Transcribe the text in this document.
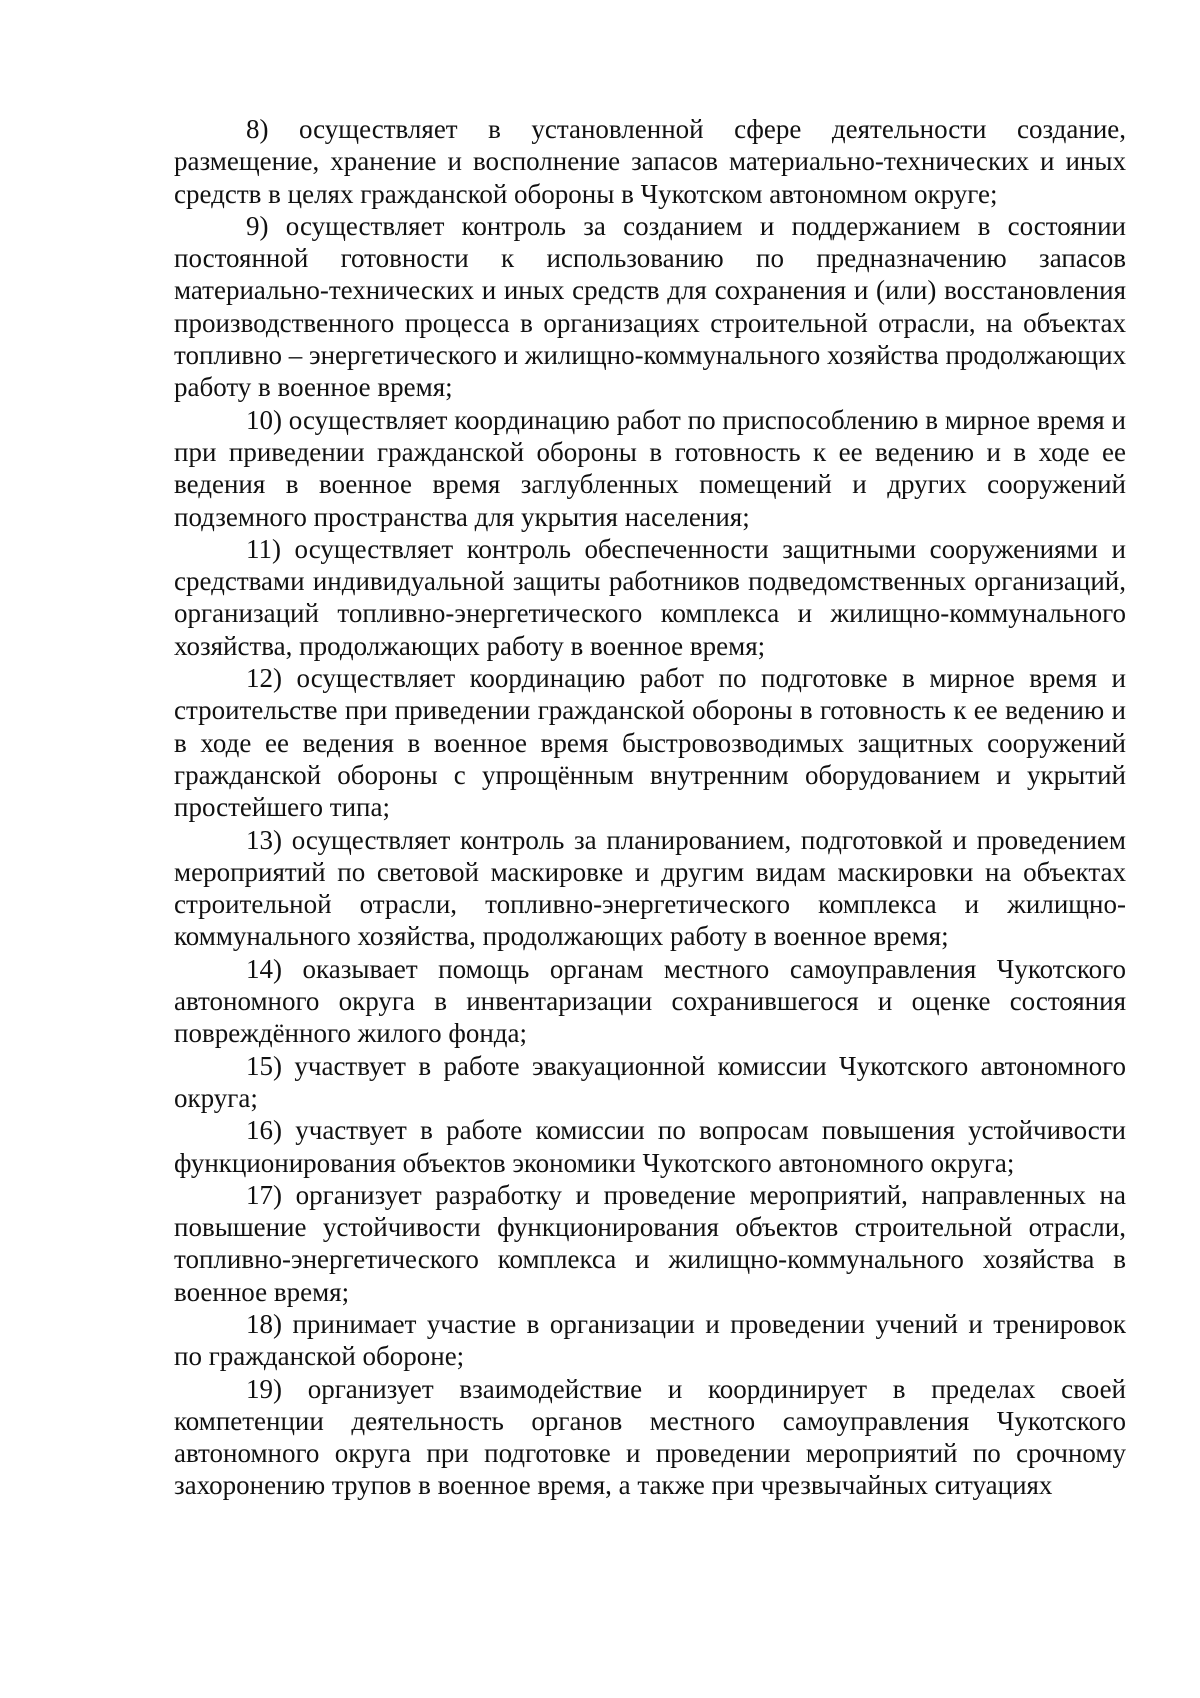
8) осуществляет в установленной сфере деятельности создание, размещение, хранение и восполнение запасов материально-технических и иных средств в целях гражданской обороны в Чукотском автономном округе;

9) осуществляет контроль за созданием и поддержанием в состоянии постоянной готовности к использованию по предназначению запасов материально-технических и иных средств для сохранения и (или) восстановления производственного процесса в организациях строительной отрасли, на объектах топливно – энергетического и жилищно-коммунального хозяйства продолжающих работу в военное время;

10) осуществляет координацию работ по приспособлению в мирное время и при приведении гражданской обороны в готовность к ее ведению и в ходе ее ведения в военное время заглубленных помещений и других сооружений подземного пространства для укрытия населения;

11) осуществляет контроль обеспеченности защитными сооружениями и средствами индивидуальной защиты работников подведомственных организаций, организаций топливно-энергетического комплекса и жилищно-коммунального хозяйства, продолжающих работу в военное время;

12) осуществляет координацию работ по подготовке в мирное время и строительстве при приведении гражданской обороны в готовность к ее ведению и в ходе ее ведения в военное время быстровозводимых защитных сооружений гражданской обороны с упрощённым внутренним оборудованием и укрытий простейшего типа;

13) осуществляет контроль за планированием, подготовкой и проведением мероприятий по световой маскировке и другим видам маскировки на объектах строительной отрасли, топливно-энергетического комплекса и жилищно-коммунального хозяйства, продолжающих работу в военное время;

14) оказывает помощь органам местного самоуправления Чукотского автономного округа в инвентаризации сохранившегося и оценке состояния повреждённого жилого фонда;

15) участвует в работе эвакуационной комиссии Чукотского автономного округа;

16) участвует в работе комиссии по вопросам повышения устойчивости функционирования объектов экономики Чукотского автономного округа;

17) организует разработку и проведение мероприятий, направленных на повышение устойчивости функционирования объектов строительной отрасли, топливно-энергетического комплекса и жилищно-коммунального хозяйства в военное время;

18) принимает участие в организации и проведении учений и тренировок по гражданской обороне;

19) организует взаимодействие и координирует в пределах своей компетенции деятельность органов местного самоуправления Чукотского автономного округа при подготовке и проведении мероприятий по срочному захоронению трупов в военное время, а также при чрезвычайных ситуациях
